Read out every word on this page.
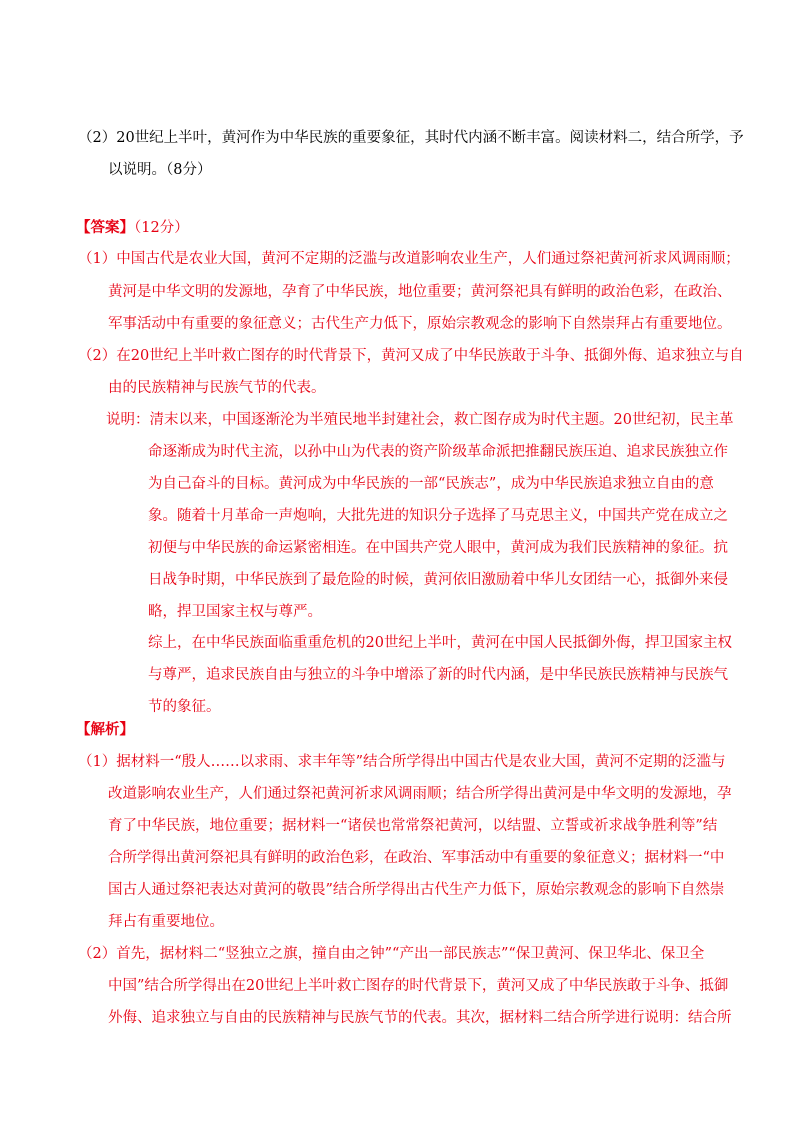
（2）20世纪上半叶，黄河作为中华民族的重要象征，其时代内涵不断丰富。阅读材料二，结合所学，予
以说明。（8分）
【答案】（12分）
（1）中国古代是农业大国，黄河不定期的泛滥与改道影响农业生产，人们通过祭祀黄河祈求风调雨顺；
黄河是中华文明的发源地，孕育了中华民族，地位重要；黄河祭祀具有鲜明的政治色彩，在政治、
军事活动中有重要的象征意义；古代生产力低下，原始宗教观念的影响下自然崇拜占有重要地位。
（2）在20世纪上半叶救亡图存的时代背景下，黄河又成了中华民族敢于斗争、抵御外侮、追求独立与自
由的民族精神与民族气节的代表。
说明：清末以来，中国逐渐沦为半殖民地半封建社会，救亡图存成为时代主题。20世纪初，民主革
命逐渐成为时代主流，以孙中山为代表的资产阶级革命派把推翻民族压迫、追求民族独立作
为自己奋斗的目标。黄河成为中华民族的一部“民族志”，成为中华民族追求独立自由的意
象。随着十月革命一声炮响，大批先进的知识分子选择了马克思主义，中国共产党在成立之
初便与中华民族的命运紧密相连。在中国共产党人眼中，黄河成为我们民族精神的象征。抗
日战争时期，中华民族到了最危险的时候，黄河依旧激励着中华儿女团结一心，抵御外来侵
略，捍卫国家主权与尊严。
综上，在中华民族面临重重危机的20世纪上半叶，黄河在中国人民抵御外侮，捍卫国家主权
与尊严，追求民族自由与独立的斗争中增添了新的时代内涵，是中华民族民族精神与民族气
节的象征。
【解析】
（1）据材料一“殷人……以求雨、求丰年等”结合所学得出中国古代是农业大国，黄河不定期的泛滥与
改道影响农业生产，人们通过祭祀黄河祈求风调雨顺；结合所学得出黄河是中华文明的发源地，孕
育了中华民族，地位重要；据材料一“诸侯也常常祭祀黄河，以结盟、立誓或祈求战争胜利等”结
合所学得出黄河祭祀具有鲜明的政治色彩，在政治、军事活动中有重要的象征意义；据材料一“中
国古人通过祭祀表达对黄河的敬畏”结合所学得出古代生产力低下，原始宗教观念的影响下自然崇
拜占有重要地位。
（2）首先，据材料二“竖独立之旗，撞自由之钟”“产出一部民族志”“保卫黄河、保卫华北、保卫全
中国”结合所学得出在20世纪上半叶救亡图存的时代背景下，黄河又成了中华民族敢于斗争、抵御
外侮、追求独立与自由的民族精神与民族气节的代表。其次，据材料二结合所学进行说明：结合所
